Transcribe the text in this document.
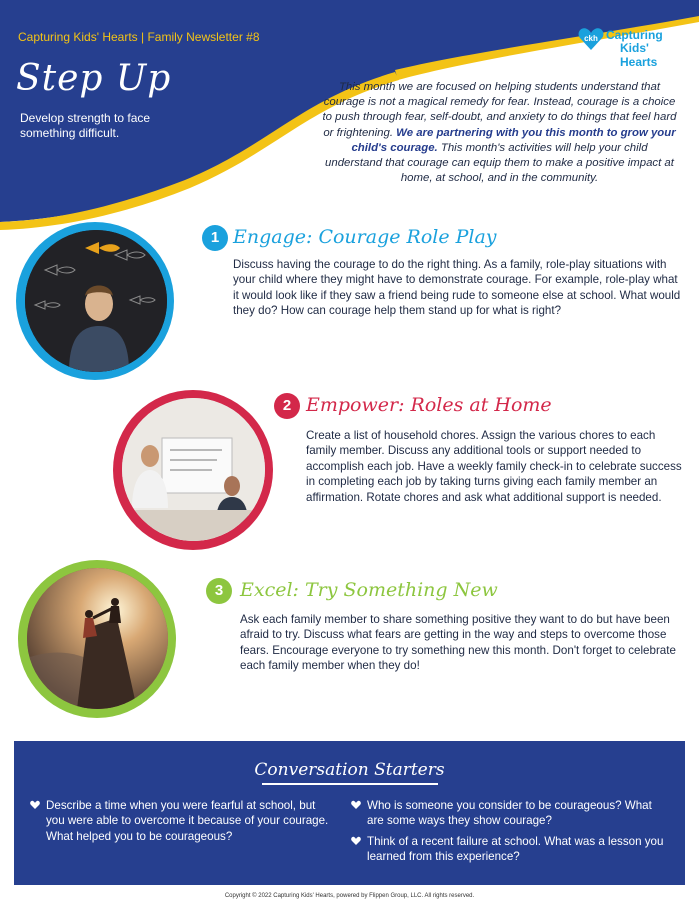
Capturing Kids' Hearts | Family Newsletter #8
Step Up
Develop strength to face something difficult.
ckh Capturing
Kids' Hearts
This month we are focused on helping students understand that courage is not a magical remedy for fear. Instead, courage is a choice to push through fear, self-doubt, and anxiety to do things that feel hard or frightening. We are partnering with you this month to grow your child's courage. This month's activities will help your child understand that courage can equip them to make a positive impact at home, at school, and in the community.
1 Engage: Courage Role Play
Discuss having the courage to do the right thing. As a family, role-play situations with your child where they might have to demonstrate courage. For example, role-play what it would look like if they saw a friend being rude to someone else at school. What would they do? How can courage help them stand up for what is right?
2 Empower: Roles at Home
Create a list of household chores. Assign the various chores to each family member. Discuss any additional tools or support needed to accomplish each job. Have a weekly family check-in to celebrate success in completing each job by taking turns giving each family member an affirmation. Rotate chores and ask what additional support is needed.
3 Excel: Try Something New
Ask each family member to share something positive they want to do but have been afraid to try. Discuss what fears are getting in the way and steps to overcome those fears. Encourage everyone to try something new this month. Don't forget to celebrate each family member when they do!
Conversation Starters
Describe a time when you were fearful at school, but you were able to overcome it because of your courage. What helped you to be courageous?
Who is someone you consider to be courageous? What are some ways they show courage?
Think of a recent failure at school. What was a lesson you learned from this experience?
Copyright © 2022 Capturing Kids' Hearts, powered by Flippen Group, LLC. All rights reserved.
